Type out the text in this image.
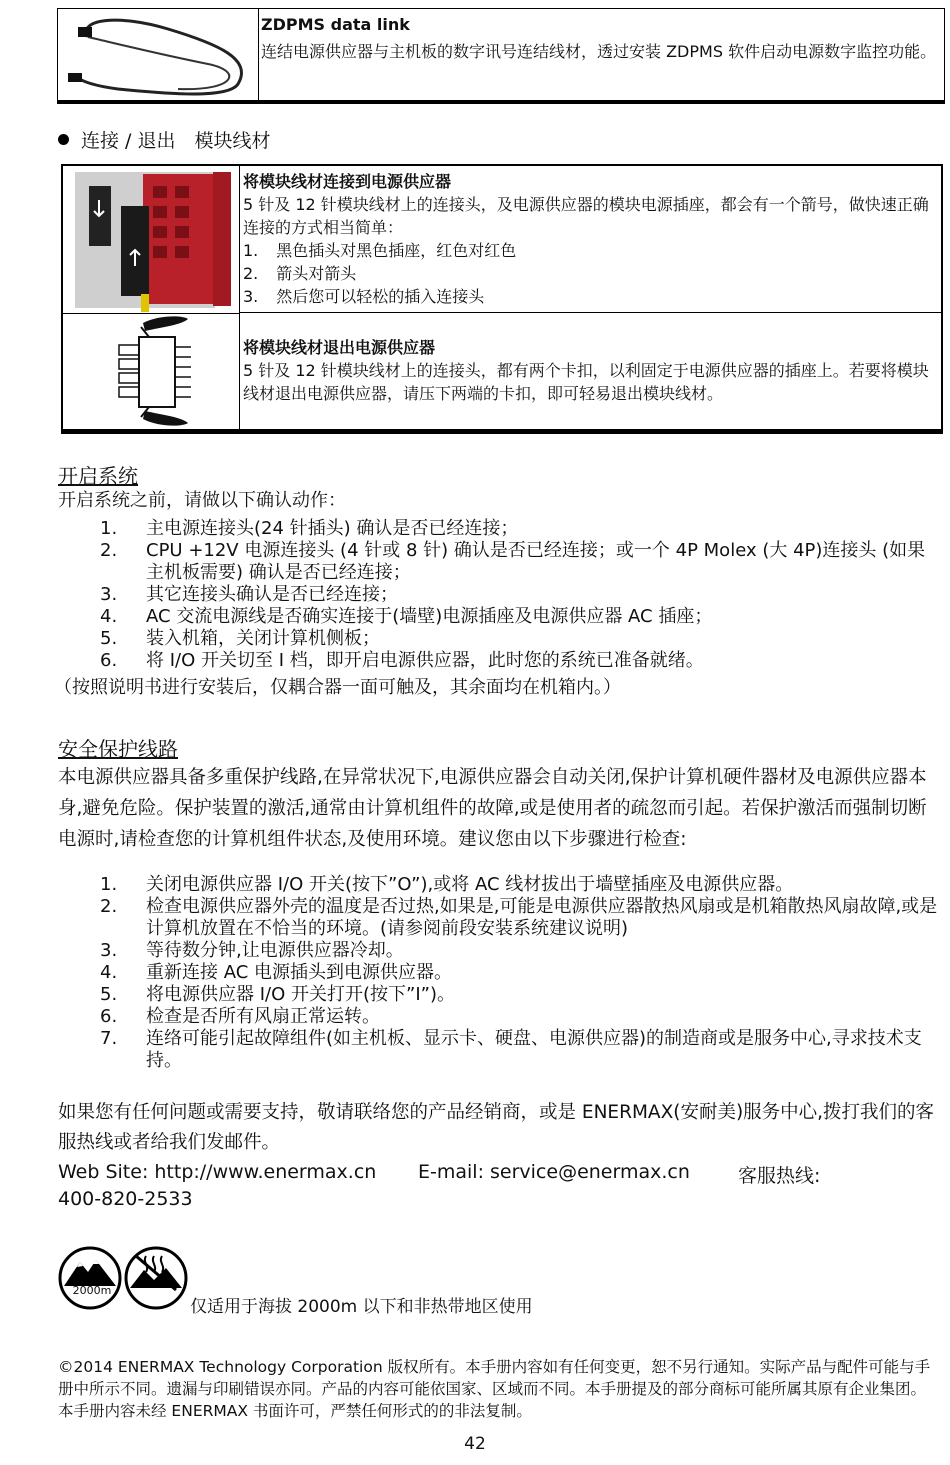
ZDPMS data link
连结电源供应器与主机板的数字讯号连结线材，透过安装 ZDPMS 软件启动电源数字监控功能。
连接 / 退出　模块线材
将模块线材连接到电源供应器
5 针及 12 针模块线材上的连接头，及电源供应器的模块电源插座，都会有一个箭号，做快速正确连接的方式相当简单：
1. 黑色插头对黑色插座，红色对红色
2. 箭头对箭头
3. 然后您可以轻松的插入连接头
将模块线材退出电源供应器
5 针及 12 针模块线材上的连接头，都有两个卡扣，以利固定于电源供应器的插座上。若要将模块线材退出电源供应器，请压下两端的卡扣，即可轻易退出模块线材。
开启系统
开启系统之前，请做以下确认动作：
1. 主电源连接头(24 针插头) 确认是否已经连接；
2. CPU +12V 电源连接头 (4 针或 8 针) 确认是否已经连接；或一个 4P Molex (大 4P)连接头 (如果主机板需要) 确认是否已经连接；
3. 其它连接头确认是否已经连接；
4. AC 交流电源线是否确实连接于(墙壁)电源插座及电源供应器 AC 插座；
5. 装入机箱，关闭计算机侧板；
6. 将 I/O 开关切至 I 档，即开启电源供应器，此时您的系统已准备就绪。
（按照说明书进行安装后，仅耦合器一面可触及，其余面均在机箱内。）
安全保护线路
本电源供应器具备多重保护线路,在异常状况下,电源供应器会自动关闭,保护计算机硬件器材及电源供应器本身,避免危险。保护装置的激活,通常由计算机组件的故障,或是使用者的疏忽而引起。若保护激活而强制切断电源时,请检查您的计算机组件状态,及使用环境。建议您由以下步骤进行检查:
1. 关闭电源供应器 I/O 开关(按下”O”),或将 AC 线材拔出于墙壁插座及电源供应器。
2. 检查电源供应器外壳的温度是否过热,如果是,可能是电源供应器散热风扇或是机箱散热风扇故障,或是计算机放置在不恰当的环境。(请参阅前段安装系统建议说明)
3. 等待数分钟,让电源供应器冷却。
4. 重新连接 AC 电源插头到电源供应器。
5. 将电源供应器 I/O 开关打开(按下”I”)。
6. 检查是否所有风扇正常运转。
7. 连络可能引起故障组件(如主机板、显示卡、硬盘、电源供应器)的制造商或是服务中心,寻求技术支持。
如果您有任何问题或需要支持，敬请联络您的产品经销商，或是 ENERMAX(安耐美)服务中心,拨打我们的客服热线或者给我们发邮件。
Web Site: http://www.enermax.cn E-mail: service@enermax.cn	客服热线:
400-820-2533
2000m
仅适用于海拔 2000m 以下和非热带地区使用
©2014 ENERMAX Technology Corporation 版权所有。本手册内容如有任何变更，恕不另行通知。实际产品与配件可能与手册中所示不同。遗漏与印刷错误亦同。产品的内容可能依国家、区域而不同。本手册提及的部分商标可能所属其原有企业集团。本手册内容未经 ENERMAX 书面许可，严禁任何形式的的非法复制。
42
